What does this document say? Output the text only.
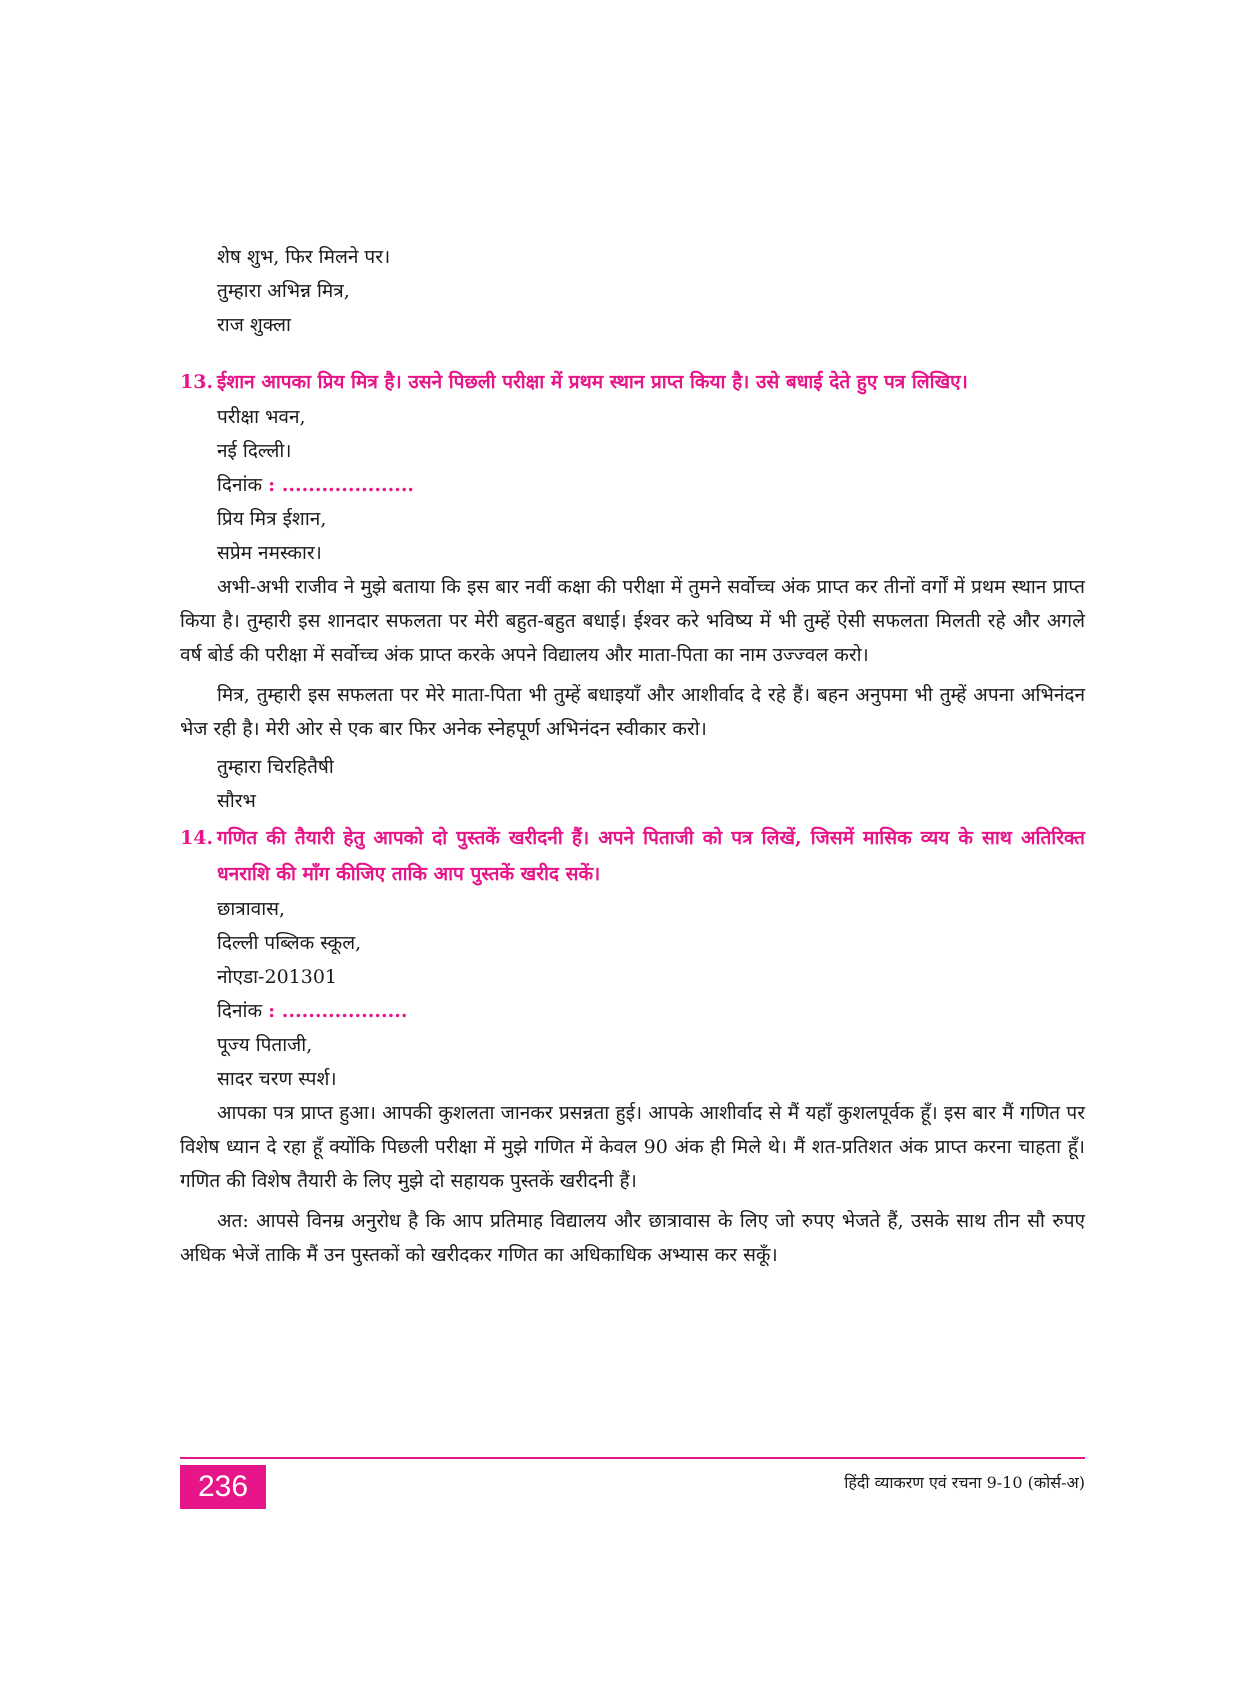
शेष शुभ, फिर मिलने पर।
तुम्हारा अभिन्न मित्र,
राज शुक्ला
13. ईशान आपका प्रिय मित्र है। उसने पिछली परीक्षा में प्रथम स्थान प्राप्त किया है। उसे बधाई देते हुए पत्र लिखिए।
परीक्षा भवन,
नई दिल्ली।
दिनांक : ....................
प्रिय मित्र ईशान,
सप्रेम नमस्कार।

अभी-अभी राजीव ने मुझे बताया कि इस बार नवीं कक्षा की परीक्षा में तुमने सर्वोच्च अंक प्राप्त कर तीनों वर्गों में प्रथम स्थान प्राप्त किया है। तुम्हारी इस शानदार सफलता पर मेरी बहुत-बहुत बधाई। ईश्वर करे भविष्य में भी तुम्हें ऐसी सफलता मिलती रहे और अगले वर्ष बोर्ड की परीक्षा में सर्वोच्च अंक प्राप्त करके अपने विद्यालय और माता-पिता का नाम उज्ज्वल करो।

मित्र, तुम्हारी इस सफलता पर मेरे माता-पिता भी तुम्हें बधाइयाँ और आशीर्वाद दे रहे हैं। बहन अनुपमा भी तुम्हें अपना अभिनंदन भेज रही है। मेरी ओर से एक बार फिर अनेक स्नेहपूर्ण अभिनंदन स्वीकार करो।

तुम्हारा चिरहितैषी
सौरभ
14. गणित की तैयारी हेतु आपको दो पुस्तकें खरीदनी हैं। अपने पिताजी को पत्र लिखें, जिसमें मासिक व्यय के साथ अतिरिक्त धनराशि की माँग कीजिए ताकि आप पुस्तकें खरीद सकें।
छात्रावास,
दिल्ली पब्लिक स्कूल,
नोएडा-201301
दिनांक : ...................
पूज्य पिताजी,
सादर चरण स्पर्श।

आपका पत्र प्राप्त हुआ। आपकी कुशलता जानकर प्रसन्नता हुई। आपके आशीर्वाद से मैं यहाँ कुशलपूर्वक हूँ। इस बार मैं गणित पर विशेष ध्यान दे रहा हूँ क्योंकि पिछली परीक्षा में मुझे गणित में केवल 90 अंक ही मिले थे। मैं शत-प्रतिशत अंक प्राप्त करना चाहता हूँ। गणित की विशेष तैयारी के लिए मुझे दो सहायक पुस्तकें खरीदनी हैं।

अत: आपसे विनम्र अनुरोध है कि आप प्रतिमाह विद्यालय और छात्रावास के लिए जो रुपए भेजते हैं, उसके साथ तीन सौ रुपए अधिक भेजें ताकि मैं उन पुस्तकों को खरीदकर गणित का अधिकाधिक अभ्यास कर सकूँ।

236	हिंदी व्याकरण एवं रचना 9-10 (कोर्स-अ)
